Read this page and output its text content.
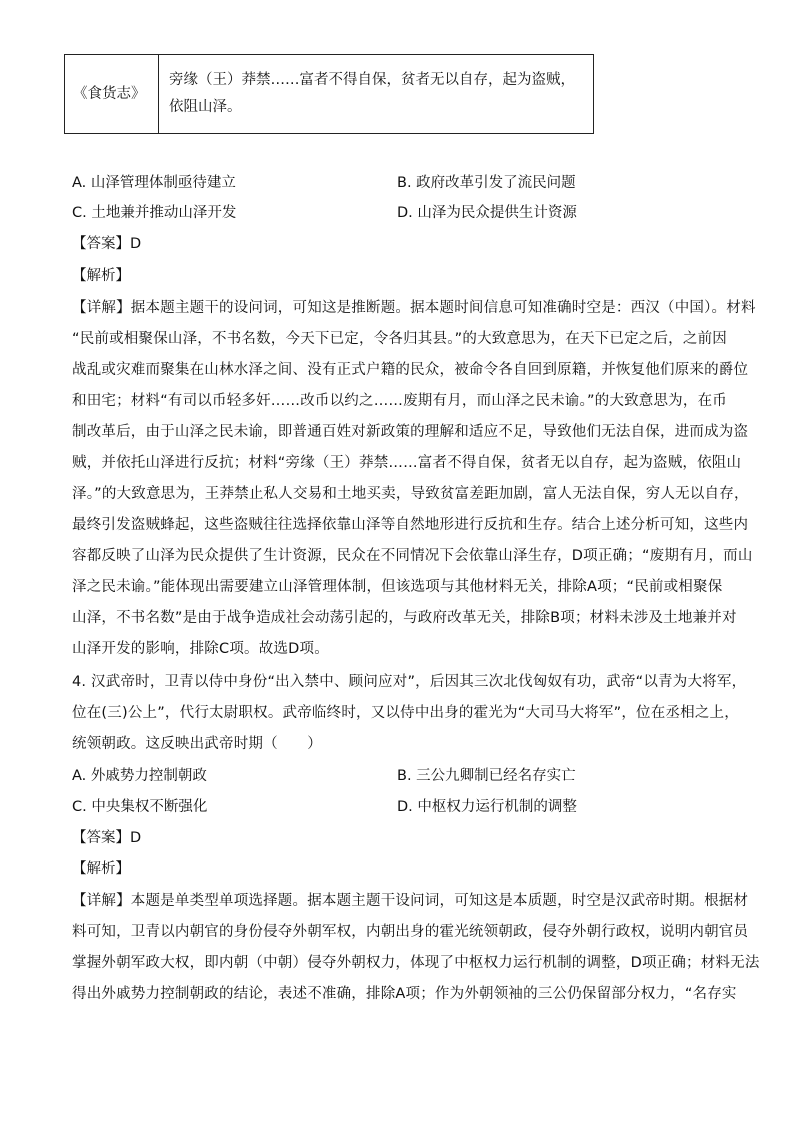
《食货志》	旁缘（王）莽禁……富者不得自保，贫者无以自存，起为盗贼，依阻山泽。
A. 山泽管理体制亟待建立	B. 政府改革引发了流民问题
C. 土地兼并推动山泽开发	D. 山泽为民众提供生计资源
【答案】D
【解析】
【详解】据本题主题干的设问词，可知这是推断题。据本题时间信息可知准确时空是：西汉（中国）。材料
“民前或相聚保山泽，不书名数，今天下已定，令各归其县。”的大致意思为，在天下已定之后，之前因
战乱或灾难而聚集在山林水泽之间、没有正式户籍的民众，被命令各自回到原籍，并恢复他们原来的爵位
和田宅；材料“有司以币轻多奸……改币以约之……废期有月，而山泽之民未谕。”的大致意思为，在币
制改革后，由于山泽之民未谕，即普通百姓对新政策的理解和适应不足，导致他们无法自保，进而成为盗
贼，并依托山泽进行反抗；材料“旁缘（王）莽禁……富者不得自保，贫者无以自存，起为盗贼，依阻山
泽。”的大致意思为，王莽禁止私人交易和土地买卖，导致贫富差距加剧，富人无法自保，穷人无以自存，
最终引发盗贼蜂起，这些盗贼往往选择依靠山泽等自然地形进行反抗和生存。结合上述分析可知，这些内
容都反映了山泽为民众提供了生计资源，民众在不同情况下会依靠山泽生存，D项正确；“废期有月，而山
泽之民未谕。”能体现出需要建立山泽管理体制，但该选项与其他材料无关，排除A项；“民前或相聚保
山泽，不书名数”是由于战争造成社会动荡引起的，与政府改革无关，排除B项；材料未涉及土地兼并对
山泽开发的影响，排除C项。故选D项。
4. 汉武帝时，卫青以侍中身份“出入禁中、顾问应对”，后因其三次北伐匈奴有功，武帝“以青为大将军，
位在(三)公上”，代行太尉职权。武帝临终时，又以侍中出身的霍光为“大司马大将军”，位在丞相之上，
统领朝政。这反映出武帝时期（　　）
A. 外戚势力控制朝政	B. 三公九卿制已经名存实亡
C. 中央集权不断强化	D. 中枢权力运行机制的调整
【答案】D
【解析】
【详解】本题是单类型单项选择题。据本题主题干设问词，可知这是本质题，时空是汉武帝时期。根据材
料可知，卫青以内朝官的身份侵夺外朝军权，内朝出身的霍光统领朝政，侵夺外朝行政权，说明内朝官员
掌握外朝军政大权，即内朝（中朝）侵夺外朝权力，体现了中枢权力运行机制的调整，D项正确；材料无法
得出外戚势力控制朝政的结论，表述不准确，排除A项；作为外朝领袖的三公仍保留部分权力，“名存实
